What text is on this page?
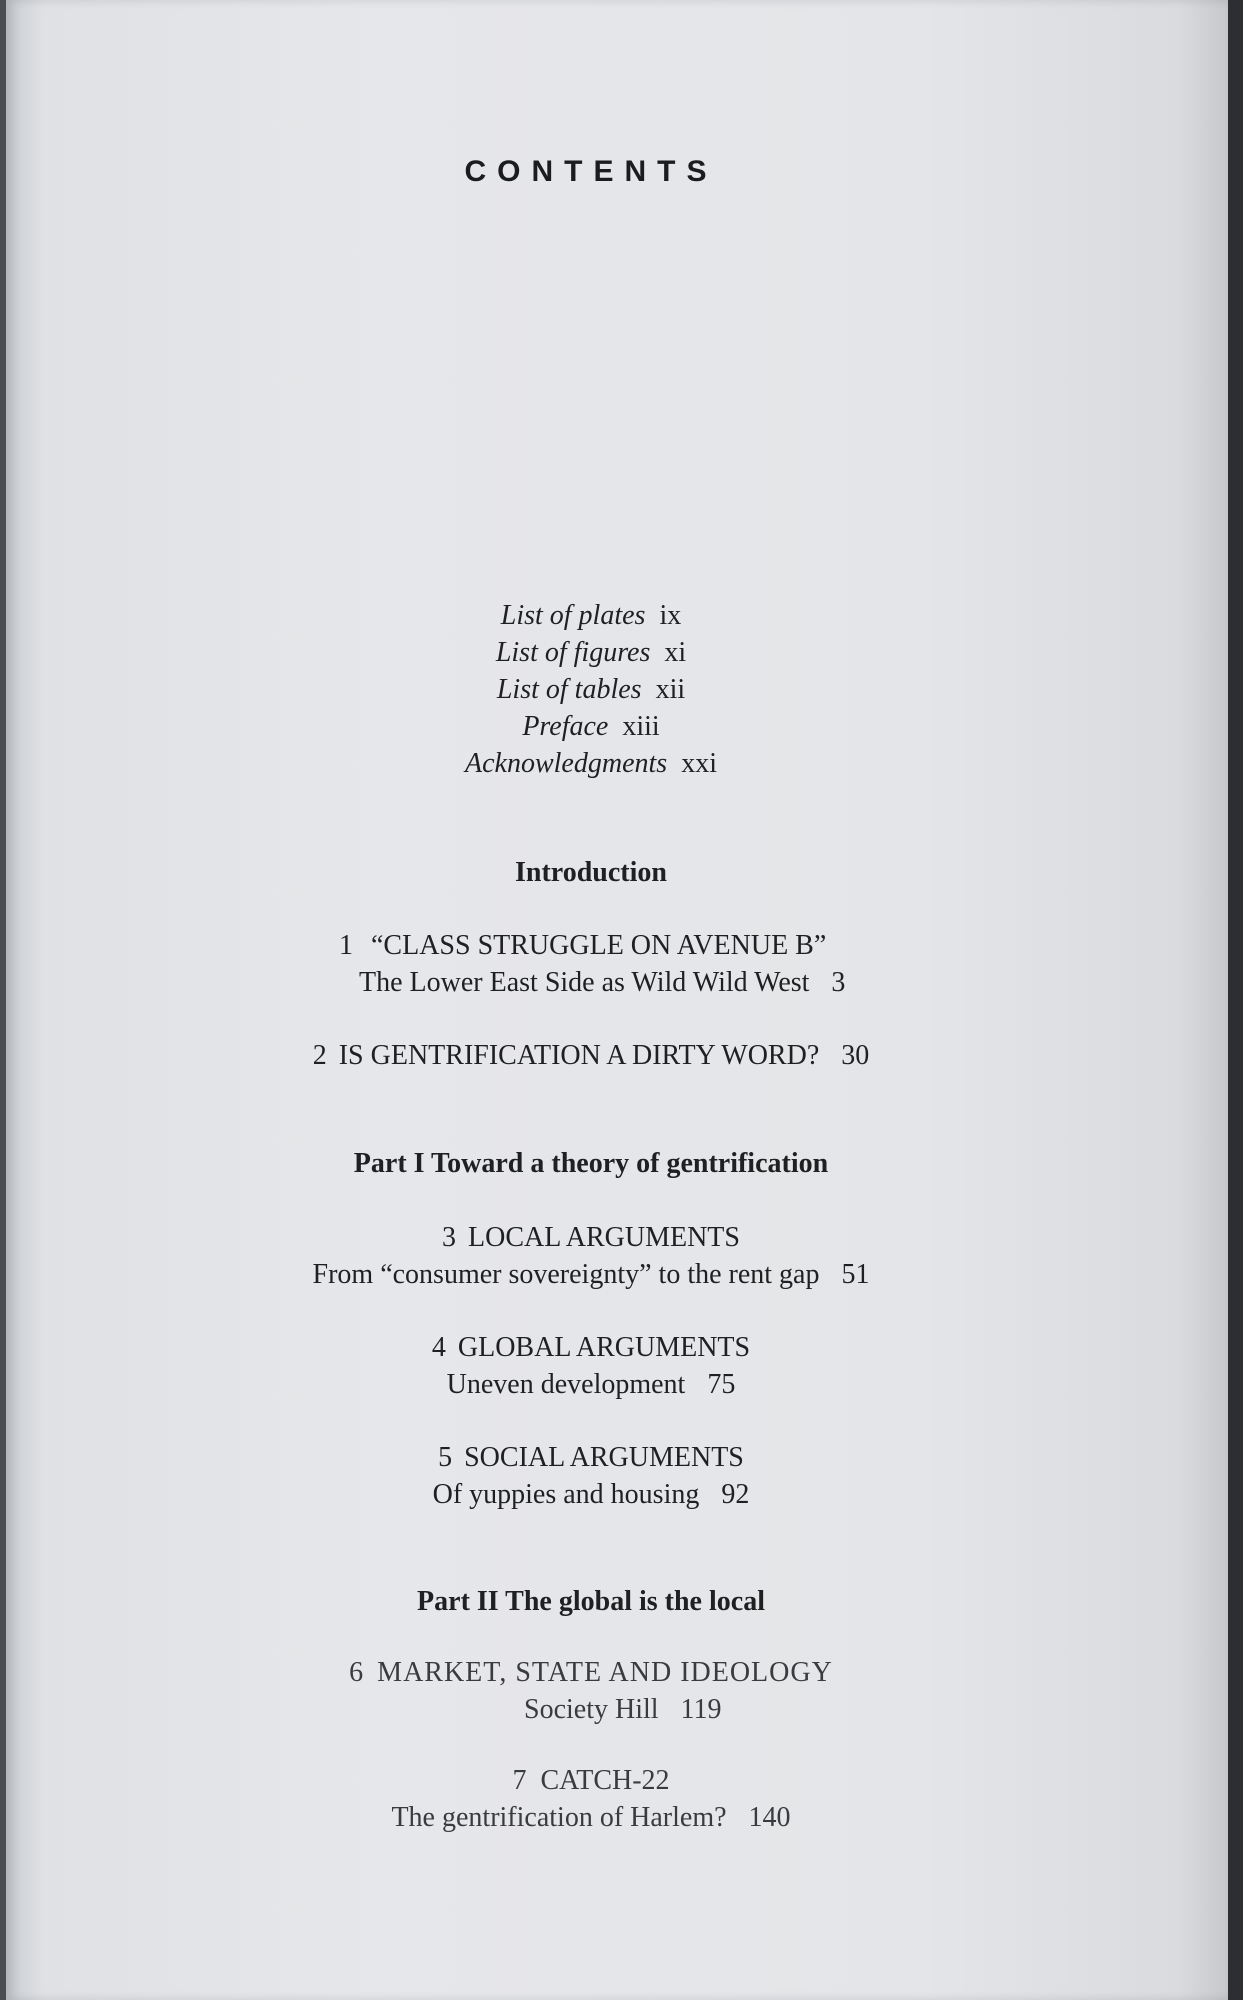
CONTENTS
List of plates ix
List of figures xi
List of tables xii
Preface xiii
Acknowledgments xxi
Introduction
1 “CLASS STRUGGLE ON AVENUE B”
The Lower East Side as Wild Wild West 3
2 IS GENTRIFICATION A DIRTY WORD? 30
Part I Toward a theory of gentrification
3 LOCAL ARGUMENTS
From “consumer sovereignty” to the rent gap 51
4 GLOBAL ARGUMENTS
Uneven development 75
5 SOCIAL ARGUMENTS
Of yuppies and housing 92
Part II The global is the local
6 MARKET, STATE AND IDEOLOGY
Society Hill 119
7 CATCH-22
The gentrification of Harlem? 140
